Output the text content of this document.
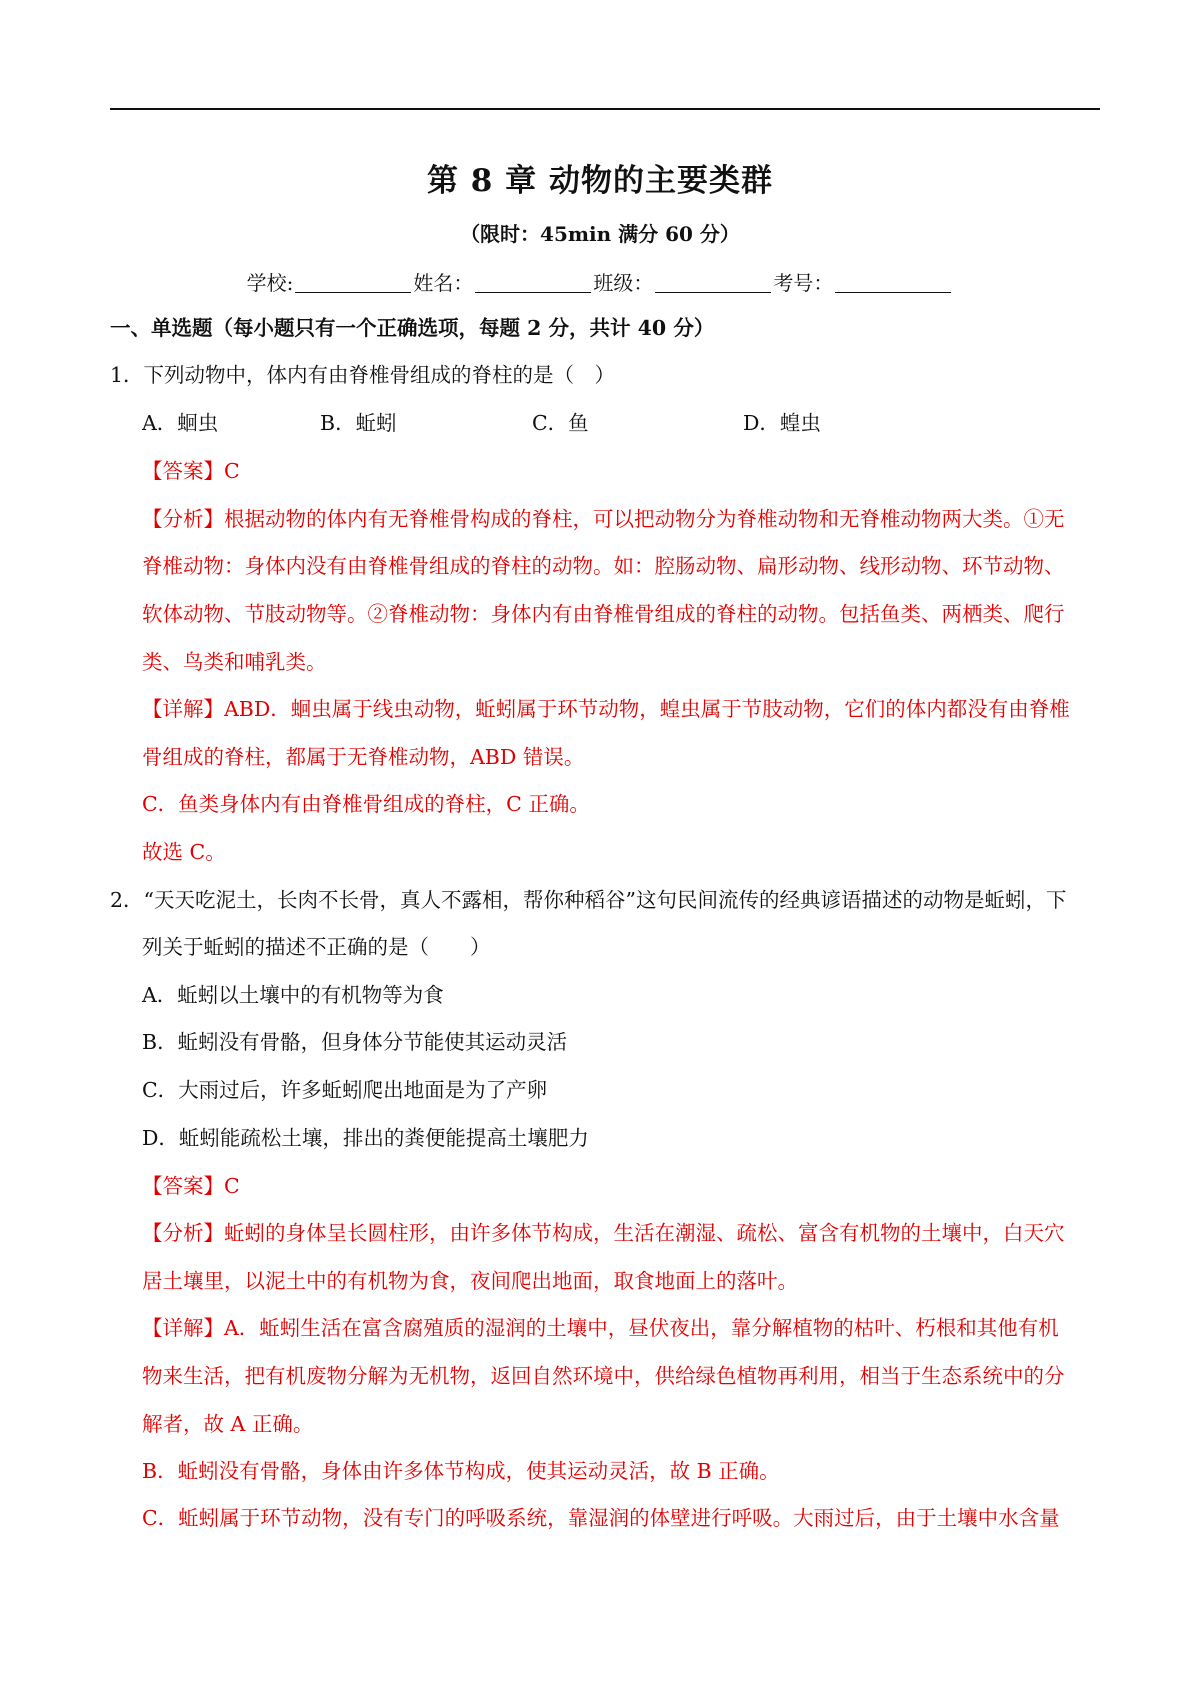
第 8 章 动物的主要类群
（限时：45min 满分 60 分）
学校:	姓名：	班级：	考号：
一、单选题（每小题只有一个正确选项，每题 2 分，共计 40 分）
1．下列动物中，体内有由脊椎骨组成的脊柱的是（　）
A．蛔虫	B．蚯蚓	C．鱼	D．蝗虫
【答案】C
【分析】根据动物的体内有无脊椎骨构成的脊柱，可以把动物分为脊椎动物和无脊椎动物两大类。①无
脊椎动物：身体内没有由脊椎骨组成的脊柱的动物。如：腔肠动物、扁形动物、线形动物、环节动物、
软体动物、节肢动物等。②脊椎动物：身体内有由脊椎骨组成的脊柱的动物。包括鱼类、两栖类、爬行
类、鸟类和哺乳类。
【详解】ABD．蛔虫属于线虫动物，蚯蚓属于环节动物，蝗虫属于节肢动物，它们的体内都没有由脊椎
骨组成的脊柱，都属于无脊椎动物，ABD 错误。
C．鱼类身体内有由脊椎骨组成的脊柱，C 正确。
故选 C。
2．“天天吃泥土，长肉不长骨，真人不露相，帮你种稻谷”这句民间流传的经典谚语描述的动物是蚯蚓，下
列关于蚯蚓的描述不正确的是（　　）
A．蚯蚓以土壤中的有机物等为食
B．蚯蚓没有骨骼，但身体分节能使其运动灵活
C．大雨过后，许多蚯蚓爬出地面是为了产卵
D．蚯蚓能疏松土壤，排出的粪便能提高土壤肥力
【答案】C
【分析】蚯蚓的身体呈长圆柱形，由许多体节构成，生活在潮湿、疏松、富含有机物的土壤中，白天穴
居土壤里，以泥土中的有机物为食，夜间爬出地面，取食地面上的落叶。
【详解】A．蚯蚓生活在富含腐殖质的湿润的土壤中，昼伏夜出，靠分解植物的枯叶、朽根和其他有机
物来生活，把有机废物分解为无机物，返回自然环境中，供给绿色植物再利用，相当于生态系统中的分
解者，故 A 正确。
B．蚯蚓没有骨骼，身体由许多体节构成，使其运动灵活，故 B 正确。
C．蚯蚓属于环节动物，没有专门的呼吸系统，靠湿润的体壁进行呼吸。大雨过后，由于土壤中水含量
